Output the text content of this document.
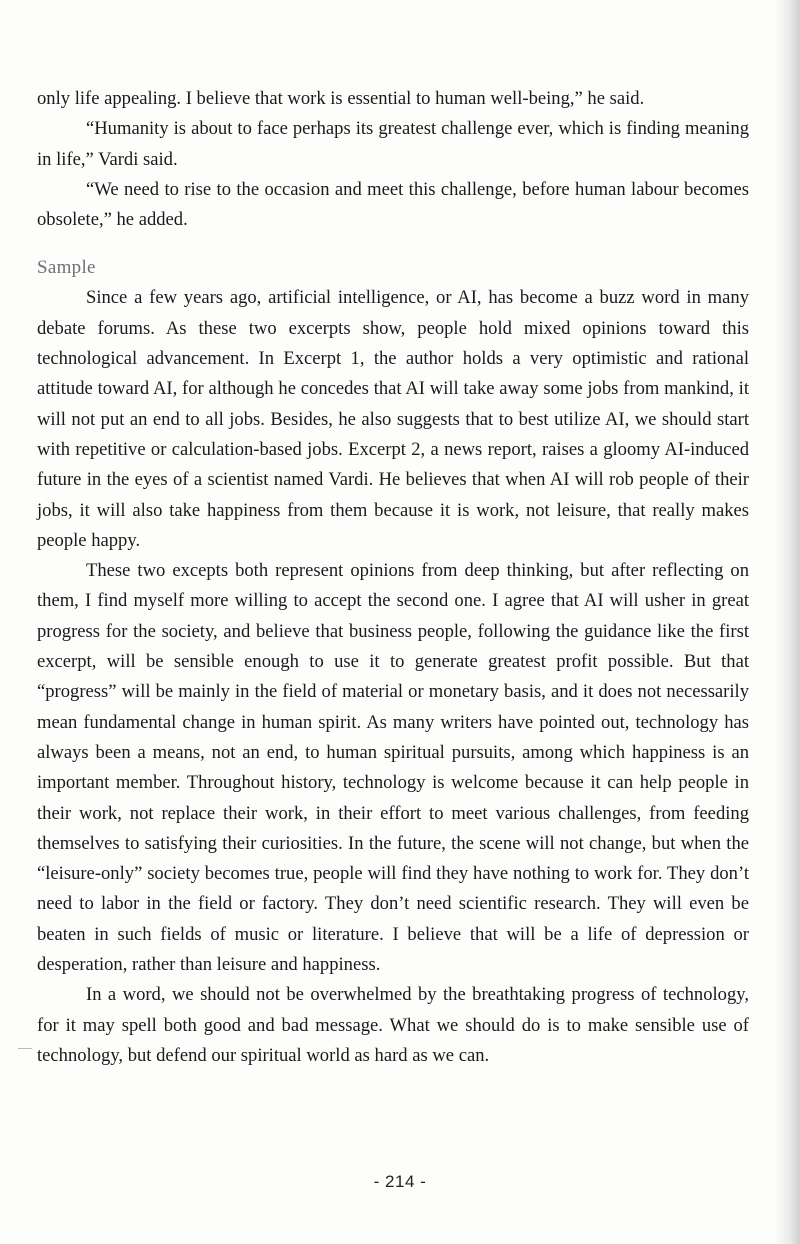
only life appealing. I believe that work is essential to human well-being,” he said.

“Humanity is about to face perhaps its greatest challenge ever, which is finding meaning in life,” Vardi said.

“We need to rise to the occasion and meet this challenge, before human labour becomes obsolete,” he added.

Sample

Since a few years ago, artificial intelligence, or AI, has become a buzz word in many debate forums. As these two excerpts show, people hold mixed opinions toward this technological advancement. In Excerpt 1, the author holds a very optimistic and rational attitude toward AI, for although he concedes that AI will take away some jobs from mankind, it will not put an end to all jobs. Besides, he also suggests that to best utilize AI, we should start with repetitive or calculation-based jobs. Excerpt 2, a news report, raises a gloomy AI-induced future in the eyes of a scientist named Vardi. He believes that when AI will rob people of their jobs, it will also take happiness from them because it is work, not leisure, that really makes people happy.

These two excepts both represent opinions from deep thinking, but after reflecting on them, I find myself more willing to accept the second one. I agree that AI will usher in great progress for the society, and believe that business people, following the guidance like the first excerpt, will be sensible enough to use it to generate greatest profit possible. But that “progress” will be mainly in the field of material or monetary basis, and it does not necessarily mean fundamental change in human spirit. As many writers have pointed out, technology has always been a means, not an end, to human spiritual pursuits, among which happiness is an important member. Throughout history, technology is welcome because it can help people in their work, not replace their work, in their effort to meet various challenges, from feeding themselves to satisfying their curiosities. In the future, the scene will not change, but when the “leisure-only” society becomes true, people will find they have nothing to work for. They don’t need to labor in the field or factory. They don’t need scientific research. They will even be beaten in such fields of music or literature. I believe that will be a life of depression or desperation, rather than leisure and happiness.

In a word, we should not be overwhelmed by the breathtaking progress of technology, for it may spell both good and bad message. What we should do is to make sensible use of technology, but defend our spiritual world as hard as we can.

- 214 -
